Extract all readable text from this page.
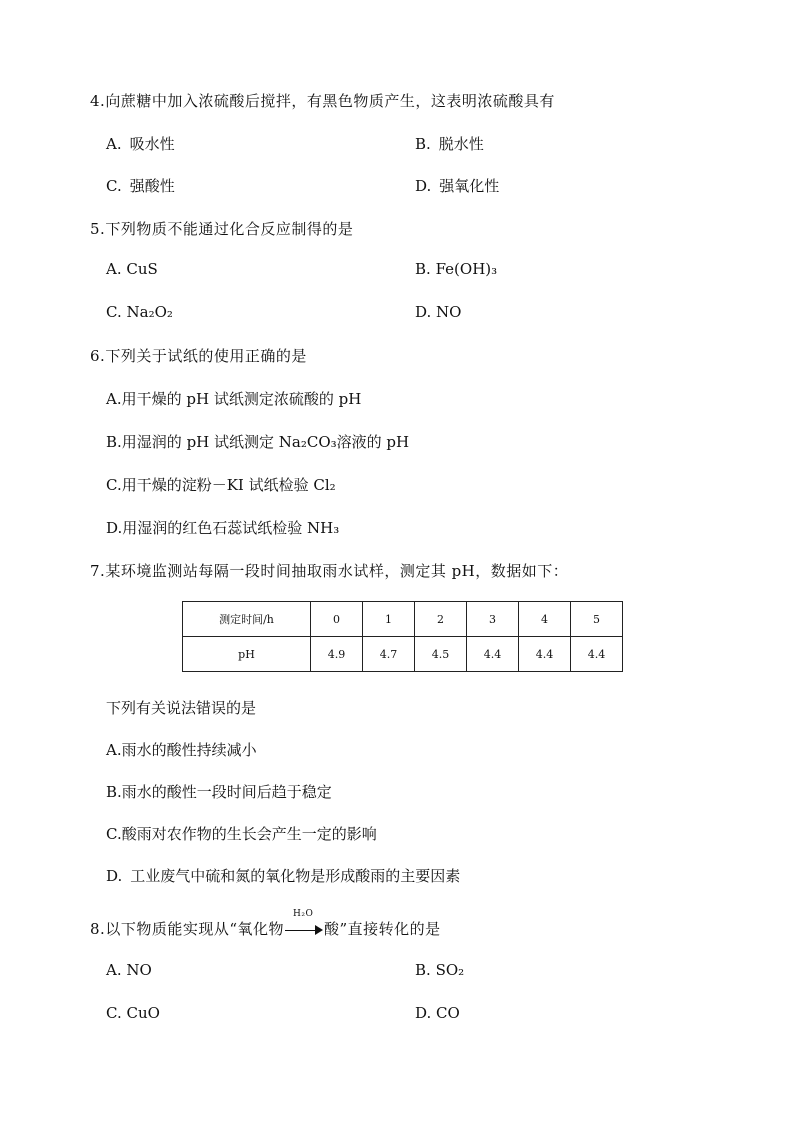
4.向蔗糖中加入浓硫酸后搅拌，有黑色物质产生，这表明浓硫酸具有
A. 吸水性	B. 脱水性
C. 强酸性	D. 强氧化性
5.下列物质不能通过化合反应制得的是
A. CuS	B. Fe(OH)₃
C. Na₂O₂	D. NO
6.下列关于试纸的使用正确的是
A.用干燥的 pH 试纸测定浓硫酸的 pH
B.用湿润的 pH 试纸测定 Na₂CO₃溶液的 pH
C.用干燥的淀粉－KI 试纸检验 Cl₂
D.用湿润的红色石蕊试纸检验 NH₃
7.某环境监测站每隔一段时间抽取雨水试样，测定其 pH，数据如下：
测定时间/h	0	1	2	3	4	5
pH	4.9	4.7	4.5	4.4	4.4	4.4
下列有关说法错误的是
A.雨水的酸性持续减小
B.雨水的酸性一段时间后趋于稳定
C.酸雨对农作物的生长会产生一定的影响
D. 工业废气中硫和氮的氧化物是形成酸雨的主要因素
8.以下物质能实现从“氧化物
H₂O
酸”直接转化的是
A. NO	B. SO₂
C. CuO	D. CO
